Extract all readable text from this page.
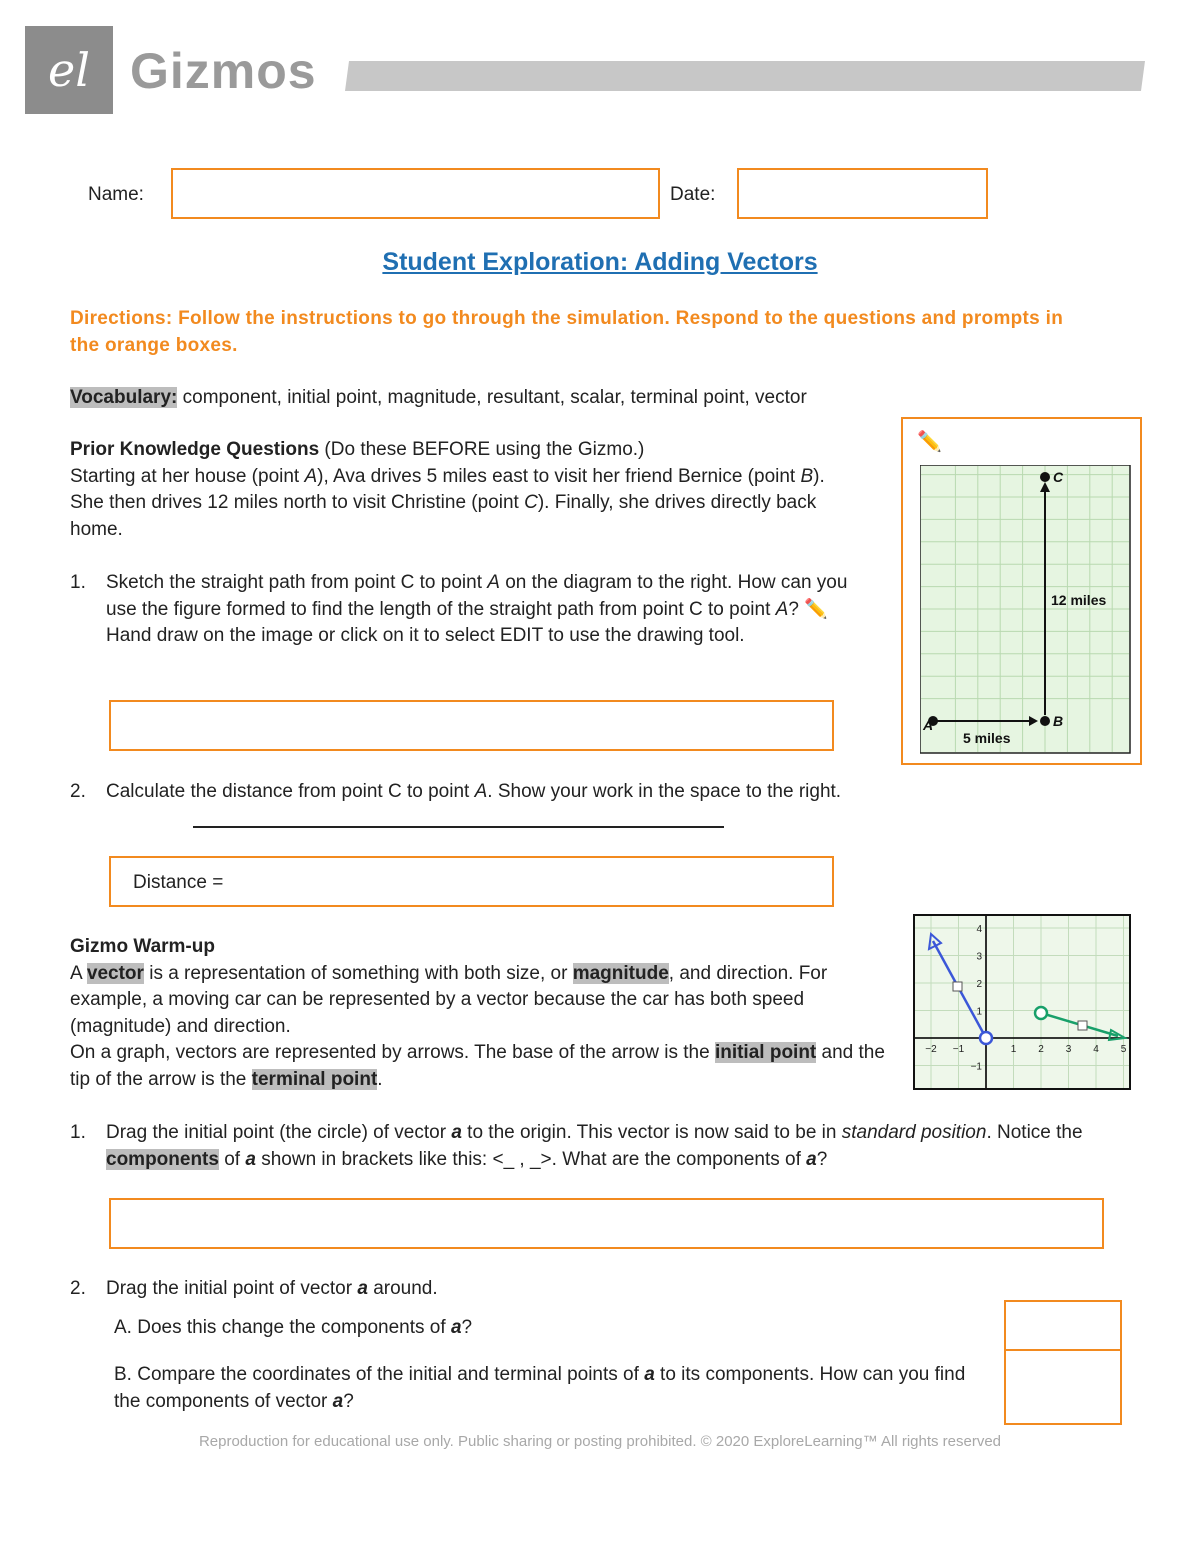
el Gizmos
Name:	Date:
Student Exploration: Adding Vectors
Directions: Follow the instructions to go through the simulation. Respond to the questions and prompts in the orange boxes.
Vocabulary: component, initial point, magnitude, resultant, scalar, terminal point, vector
Prior Knowledge Questions (Do these BEFORE using the Gizmo.)
Starting at her house (point A), Ava drives 5 miles east to visit her friend Bernice (point B). She then drives 12 miles north to visit Christine (point C). Finally, she drives directly back home.
1. Sketch the straight path from point C to point A on the diagram to the right. How can you use the figure formed to find the length of the straight path from point C to point A? ✏️ Hand draw on the image or click on it to select EDIT to use the drawing tool.
2. Calculate the distance from point C to point A. Show your work in the space to the right.
Distance =
✏️
A	B
C
5 miles
12 miles
Gizmo Warm-up
A vector is a representation of something with both size, or magnitude, and direction. For example, a moving car can be represented by a vector because the car has both speed (magnitude) and direction.
On a graph, vectors are represented by arrows. The base of the arrow is the initial point and the tip of the arrow is the terminal point.
−2 −1	1 2 3 4 5
4
3
2
1
−1
1. Drag the initial point (the circle) of vector a to the origin. This vector is now said to be in standard position. Notice the components of a shown in brackets like this: <_ , _>. What are the components of a?
2. Drag the initial point of vector a around.
A. Does this change the components of a?
B. Compare the coordinates of the initial and terminal points of a to its components. How can you find the components of vector a?
Reproduction for educational use only. Public sharing or posting prohibited. © 2020 ExploreLearning™ All rights reserved
